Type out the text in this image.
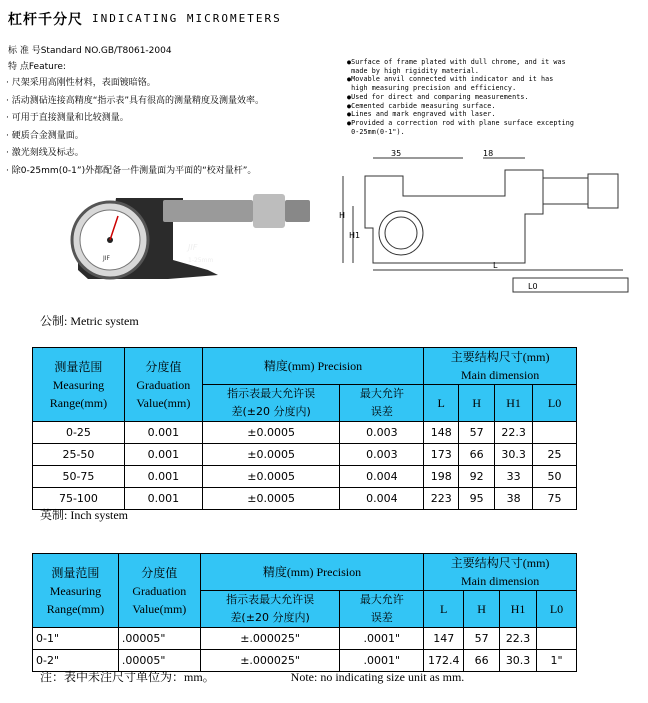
杠杆千分尺 INDICATING MICROMETERS
标 准 号Standard NO.GB/T8061-2004
特 点Feature:
· 尺架采用高刚性材料，表面镀暗铬。
· 活动测砧连接高精度“指示表”具有很高的测量精度及测量效率。
· 可用于直接测量和比较测量。
· 硬质合金测量面。
· 激光刻线及标志。
· 除0-25mm(0-1”)外都配备一件测量面为平面的“校对量杆”。
●Surface of frame plated with dull chrome, and it was
made by high rigidity material.
●Movable anvil connected with indicator and it has
high measuring precision and efficiency.
●Used for direct and comparing measurements.
●Cemented carbide measuring surface.
●Lines and mark engraved with laser.
●Provided a correction rod with plane surface excepting
0-25mm(0-1").
JIF
JIF
1-25mm
35	18
H
H1
L
L0
公制: Metric system
测量范围
Measuring
Range(mm)	分度值
Graduation
Value(mm)	精度(mm) Precision		主要结构尺寸(mm)
Main dimension			
		指示表最大允许误
差(±20 分度内)	最大允许
误差	L	H	H1	L0

0-25	0.001	±0.0005	0.003	148	57	22.3	
25-50	0.001	±0.0005	0.003	173	66	30.3	25
50-75	0.001	±0.0005	0.004	198	92	33	50
75-100	0.001	±0.0005	0.004	223	95	38	75
英制: Inch system
测量范围
Measuring
Range(mm)	分度值
Graduation
Value(mm)	精度(mm) Precision		主要结构尺寸(mm)
Main dimension			
		指示表最大允许误
差(±20 分度内)	最大允许
误差	L	H	H1	L0

0-1"	.00005"	±.000025"	.0001"	147	57	22.3	
0-2"	.00005"	±.000025"	.0001"	172.4	66	30.3	1"
注：表中未注尺寸单位为：mm。	Note: no indicating size unit as mm.
